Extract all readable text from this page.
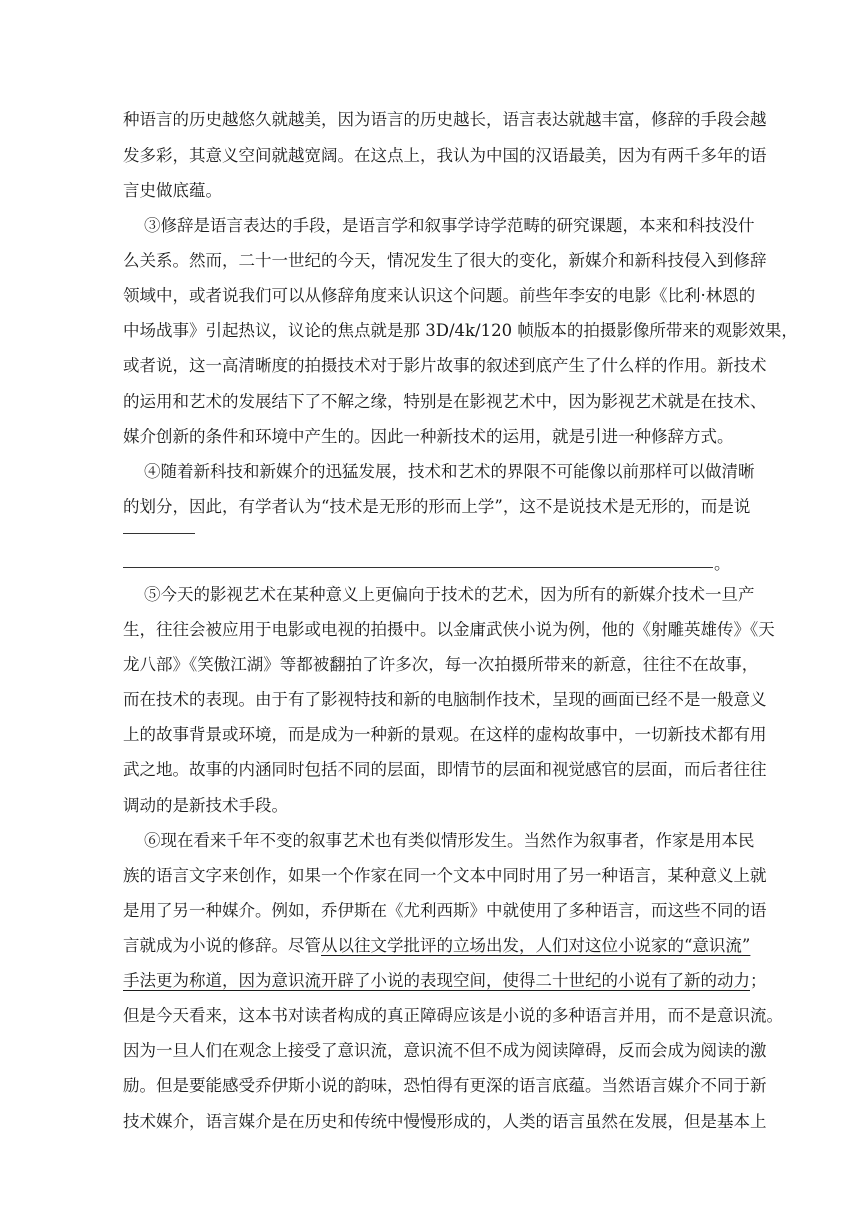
种语言的历史越悠久就越美，因为语言的历史越长，语言表达就越丰富，修辞的手段会越
发多彩，其意义空间就越宽阔。在这点上，我认为中国的汉语最美，因为有两千多年的语
言史做底蕴。
③修辞是语言表达的手段，是语言学和叙事学诗学范畴的研究课题，本来和科技没什
么关系。然而，二十一世纪的今天，情况发生了很大的变化，新媒介和新科技侵入到修辞
领域中，或者说我们可以从修辞角度来认识这个问题。前些年李安的电影《比利·林恩的
中场战事》引起热议，议论的焦点就是那 3D/4k/120 帧版本的拍摄影像所带来的观影效果，
或者说，这一高清晰度的拍摄技术对于影片故事的叙述到底产生了什么样的作用。新技术
的运用和艺术的发展结下了不解之缘，特别是在影视艺术中，因为影视艺术就是在技术、
媒介创新的条件和环境中产生的。因此一种新技术的运用，就是引进一种修辞方式。
④随着新科技和新媒介的迅猛发展，技术和艺术的界限不可能像以前那样可以做清晰
的划分，因此，有学者认为“技术是无形的形而上学”，这不是说技术是无形的，而是说
。
⑤今天的影视艺术在某种意义上更偏向于技术的艺术，因为所有的新媒介技术一旦产
生，往往会被应用于电影或电视的拍摄中。以金庸武侠小说为例，他的《射雕英雄传》《天
龙八部》《笑傲江湖》等都被翻拍了许多次，每一次拍摄所带来的新意，往往不在故事，
而在技术的表现。由于有了影视特技和新的电脑制作技术，呈现的画面已经不是一般意义
上的故事背景或环境，而是成为一种新的景观。在这样的虚构故事中，一切新技术都有用
武之地。故事的内涵同时包括不同的层面，即情节的层面和视觉感官的层面，而后者往往
调动的是新技术手段。
⑥现在看来千年不变的叙事艺术也有类似情形发生。当然作为叙事者，作家是用本民
族的语言文字来创作，如果一个作家在同一个文本中同时用了另一种语言，某种意义上就
是用了另一种媒介。例如，乔伊斯在《尤利西斯》中就使用了多种语言，而这些不同的语
言就成为小说的修辞。尽管从以往文学批评的立场出发，人们对这位小说家的“意识流”
手法更为称道，因为意识流开辟了小说的表现空间，使得二十世纪的小说有了新的动力；
但是今天看来，这本书对读者构成的真正障碍应该是小说的多种语言并用，而不是意识流。
因为一旦人们在观念上接受了意识流，意识流不但不成为阅读障碍，反而会成为阅读的激
励。但是要能感受乔伊斯小说的韵味，恐怕得有更深的语言底蕴。当然语言媒介不同于新
技术媒介，语言媒介是在历史和传统中慢慢形成的，人类的语言虽然在发展，但是基本上
